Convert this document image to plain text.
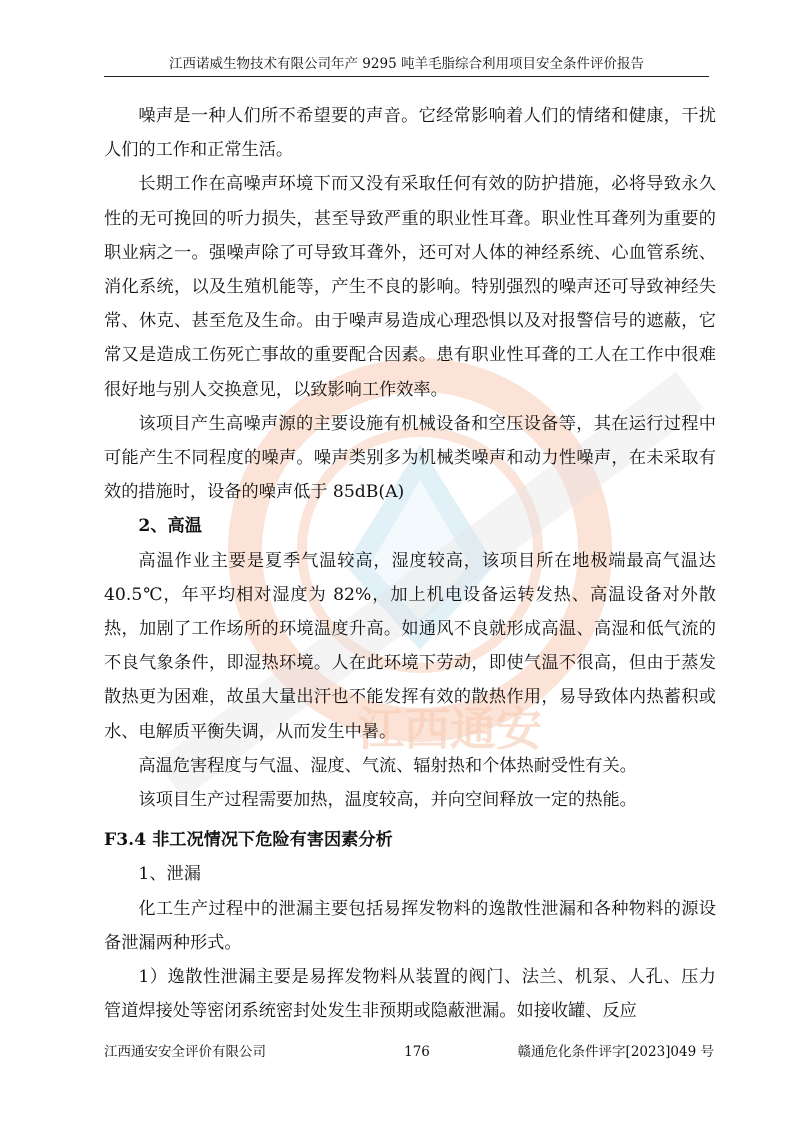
江西诺威生物技术有限公司年产 9295 吨羊毛脂综合利用项目安全条件评价报告
江西通安

噪声是一种人们所不希望要的声音。它经常影响着人们的情绪和健康，干扰人们的工作和正常生活。

长期工作在高噪声环境下而又没有采取任何有效的防护措施，必将导致永久性的无可挽回的听力损失，甚至导致严重的职业性耳聋。职业性耳聋列为重要的职业病之一。强噪声除了可导致耳聋外，还可对人体的神经系统、心血管系统、消化系统，以及生殖机能等，产生不良的影响。特别强烈的噪声还可导致神经失常、休克、甚至危及生命。由于噪声易造成心理恐惧以及对报警信号的遮蔽，它常又是造成工伤死亡事故的重要配合因素。患有职业性耳聋的工人在工作中很难很好地与别人交换意见，以致影响工作效率。

该项目产生高噪声源的主要设施有机械设备和空压设备等，其在运行过程中可能产生不同程度的噪声。噪声类别多为机械类噪声和动力性噪声，在未采取有效的措施时，设备的噪声低于 85dB(A)

2、高温

高温作业主要是夏季气温较高，湿度较高，该项目所在地极端最高气温达 40.5℃，年平均相对湿度为 82%，加上机电设备运转发热、高温设备对外散热，加剧了工作场所的环境温度升高。如通风不良就形成高温、高湿和低气流的不良气象条件，即湿热环境。人在此环境下劳动，即使气温不很高，但由于蒸发散热更为困难，故虽大量出汗也不能发挥有效的散热作用，易导致体内热蓄积或水、电解质平衡失调，从而发生中暑。

高温危害程度与气温、湿度、气流、辐射热和个体热耐受性有关。

该项目生产过程需要加热，温度较高，并向空间释放一定的热能。

F3.4 非工况情况下危险有害因素分析

1、泄漏

化工生产过程中的泄漏主要包括易挥发物料的逸散性泄漏和各种物料的源设备泄漏两种形式。

1）逸散性泄漏主要是易挥发物料从装置的阀门、法兰、机泵、人孔、压力管道焊接处等密闭系统密封处发生非预期或隐蔽泄漏。如接收罐、反应

江西通安安全评价有限公司	176	赣通危化条件评字[2023]049 号
